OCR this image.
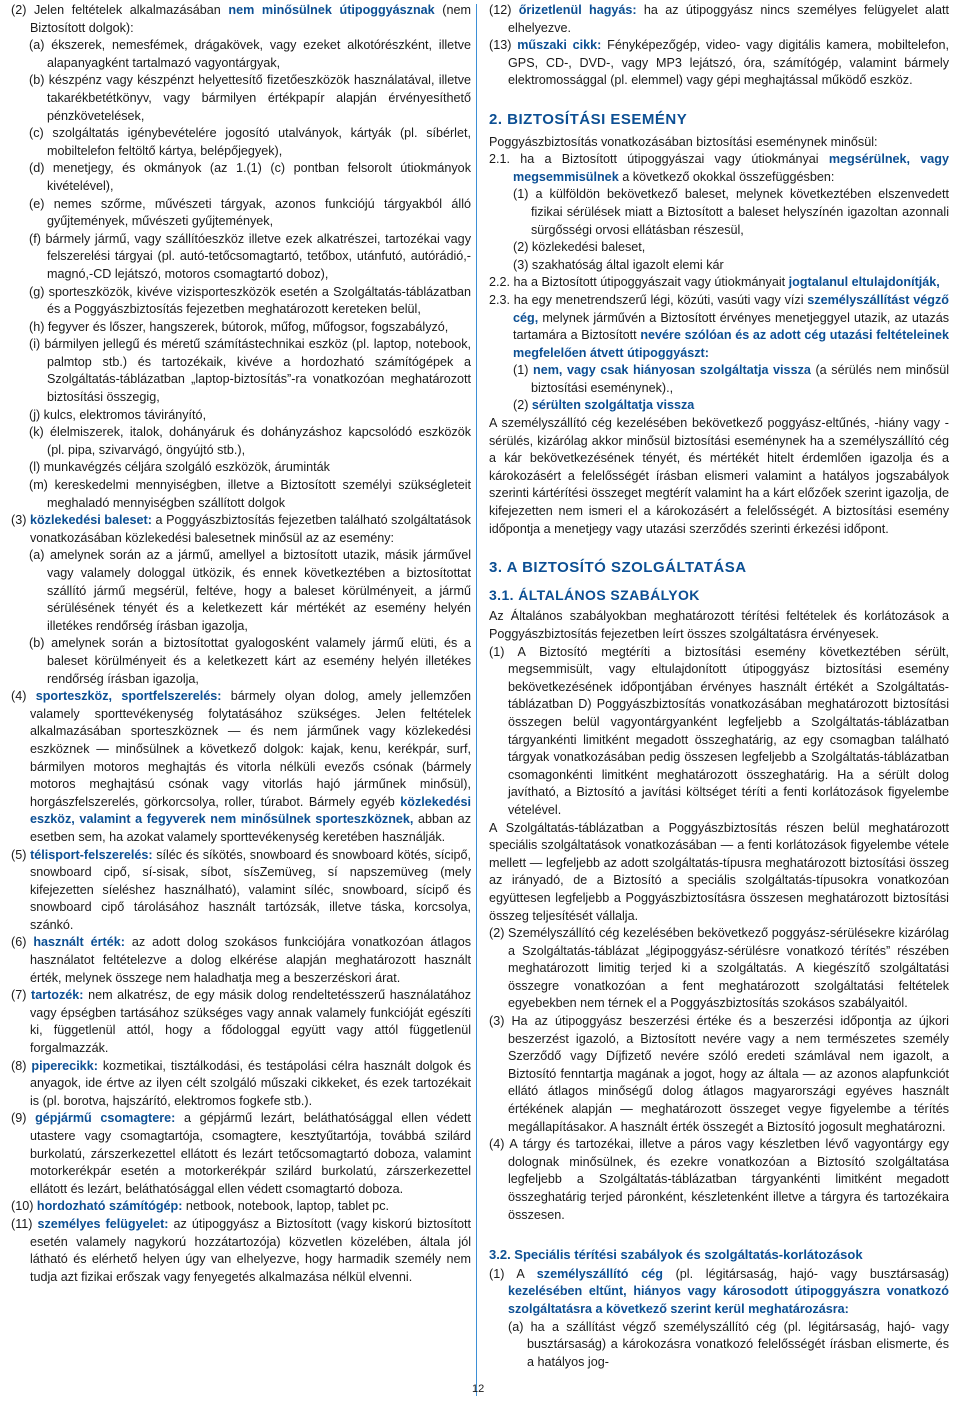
(2) Jelen feltételek alkalmazásában nem minősülnek útipoggyásznak (nem Biztosított dolgok):

(a) ékszerek, nemesfémek, drágakövek, vagy ezeket alkotórészként, illetve alapanyagként tartalmazó vagyontárgyak,

(b) készpénz vagy készpénzt helyettesítő fizetőeszközök használatával, illetve takarékbetétkönyv, vagy bármilyen értékpapír alapján érvényesíthető pénzkövetelések,

(c) szolgáltatás igénybevételére jogosító utalványok, kártyák (pl. síbérlet, mobiltelefon feltöltő kártya, belépőjegyek),

(d) menetjegy, és okmányok (az 1.(1) (c) pontban felsorolt útiokmányok kivételével),

(e) nemes szőrme, művészeti tárgyak, azonos funkciójú tárgyakból álló gyűjtemények, művészeti gyűjtemények,

(f) bármely jármű, vagy szállítóeszköz illetve ezek alkatrészei, tartozékai vagy felszerelési tárgyai (pl. autó-tetőcsomagtartó, tetőbox, utánfutó, autórádió,-magnó,-CD lejátszó, motoros csomagtartó doboz),

(g) sporteszközök, kivéve vizisporteszközök esetén a Szolgáltatás-táblázatban és a Poggyászbiztosítás fejezetben meghatározott kereteken belül,

(h) fegyver és lőszer, hangszerek, bútorok, műfog, műfogsor, fogszabályzó,

(i) bármilyen jellegű és méretű számítástechnikai eszköz (pl. laptop, notebook, palmtop stb.) és tartozékaik, kivéve a hordozható számítógépek a Szolgáltatás-táblázatban „laptop-biztosítás”-ra vonatkozóan meghatározott biztosítási összegig,

(j) kulcs, elektromos távirányító,

(k) élelmiszerek, italok, dohányáruk és dohányzáshoz kapcsolódó eszközök (pl. pipa, szivarvágó, öngyújtó stb.),

(l) munkavégzés céljára szolgáló eszközök, áruminták

(m) kereskedelmi mennyiségben, illetve a Biztosított személyi szükségleteit meghaladó mennyiségben szállított dolgok

(3) közlekedési baleset: a Poggyászbiztosítás fejezetben található szolgáltatások vonatkozásában közlekedési balesetnek minősül az az esemény:

(a) amelynek során az a jármű, amellyel a biztosított utazik, másik járművel vagy valamely dologgal ütközik, és ennek következtében a biztosítottat szállító jármű megsérül, feltéve, hogy a baleset körülményeit, a jármű sérülésének tényét és a keletkezett kár mértékét az esemény helyén illetékes rendőrség írásban igazolja,

(b) amelynek során a biztosítottat gyalogosként valamely jármű elüti, és a baleset körülményeit és a keletkezett kárt az esemény helyén illetékes rendőrség írásban igazolja,

(4) sporteszköz, sportfelszerelés: bármely olyan dolog, amely jellemzően valamely sporttevékenység folytatásához szükséges. Jelen feltételek alkalmazásában sporteszköznek — és nem járműnek vagy közlekedési eszköznek — minősülnek a következő dolgok: kajak, kenu, kerékpár, surf, bármilyen motoros meghajtás és vitorla nélküli evezős csónak (bármely motoros meghajtású csónak vagy vitorlás hajó járműnek minősül), horgászfelszerelés, görkorcsolya, roller, túrabot. Bármely egyéb közlekedési eszköz, valamint a fegyverek nem minősülnek sporteszköznek, abban az esetben sem, ha azokat valamely sporttevékenység keretében használják.

(5) télisport-felszerelés: síléc és síkötés, snowboard és snowboard kötés, sícipő, snowboard cipő, sí-sisak, síbot, sísZemüveg, sí napszemüveg (mely kifejezetten síeléshez használható), valamint síléc, snowboard, sícipő és snowboard cipő tárolásához használt tartózsák, illetve táska, korcsolya, szánkó.

(6) használt érték: az adott dolog szokásos funkciójára vonatkozóan átlagos használatot feltételezve a dolog elkérése alapján meghatározott használt érték, melynek összege nem haladhatja meg a beszerzéskori árat.

(7) tartozék: nem alkatrész, de egy másik dolog rendeltetésszerű használatához vagy épségben tartásához szükséges vagy annak valamely funkcióját egészíti ki, függetlenül attól, hogy a fődologgal együtt vagy attól függetlenül forgalmazzák.

(8) piperecikk: kozmetikai, tisztálkodási, és testápolási célra használt dolgok és anyagok, ide értve az ilyen célt szolgáló műszaki cikkeket, és ezek tartozékait is (pl. borotva, hajszárító, elektromos fogkefe stb.).

(9) gépjármű csomagtere: a gépjármű lezárt, beláthatósággal ellen védett utastere vagy csomagtartója, csomagtere, kesztyűtartója, továbbá szilárd burkolatú, zárszerkezettel ellátott és lezárt tetőcsomagtartó doboza, valamint motorkerékpár esetén a motorkerékpár szilárd burkolatú, zárszerkezettel ellátott és lezárt, beláthatósággal ellen védett csomagtartó doboza.

(10) hordozható számítógép: netbook, notebook, laptop, tablet pc.

(11) személyes felügyelet: az útipoggyász a Biztosított (vagy kiskorú biztosított esetén valamely nagykorú hozzátartozója) közvetlen közelében, általa jól látható és elérhető helyen úgy van elhelyezve, hogy harmadik személy nem tudja azt fizikai erőszak vagy fenyegetés alkalmazása nélkül elvenni.

(12) őrizetlenül hagyás: ha az útipoggyász nincs személyes felügyelet alatt elhelyezve.

(13) műszaki cikk: Fényképezőgép, video- vagy digitális kamera, mobiltelefon, GPS, CD-, DVD-, vagy MP3 lejátszó, óra, számítógép, valamint bármely elektromossággal (pl. elemmel) vagy gépi meghajtással működő eszköz.

2. BIZTOSÍTÁSI ESEMÉNY

Poggyászbiztosítás vonatkozásában biztosítási eseménynek minősül:

2.1. ha a Biztosított útipoggyászai vagy útiokmányai megsérülnek, vagy megsemmisülnek a következő okokkal összefüggésben:

(1) a külföldön bekövetkező baleset, melynek következtében elszenvedett fizikai sérülések miatt a Biztosított a baleset helyszínén igazoltan azonnali sürgősségi orvosi ellátásban részesül,

(2) közlekedési baleset,

(3) szakhatóság által igazolt elemi kár

2.2. ha a Biztosított útipoggyászait vagy útiokmányait jogtalanul eltulajdonítják,

2.3. ha egy menetrendszerű légi, közúti, vasúti vagy vízi személyszállítást végző cég, melynek járművén a Biztosított érvényes menetjeggyel utazik, az utazás tartamára a Biztosított nevére szólóan és az adott cég utazási feltételeinek megfelelően átvett útipoggyászt:

(1) nem, vagy csak hiányosan szolgáltatja vissza (a sérülés nem minősül biztosítási eseménynek).,

(2) sérülten szolgáltatja vissza

A személyszállító cég kezelésében bekövetkező poggyász-eltűnés, -hiány vagy -sérülés, kizárólag akkor minősül biztosítási eseménynek ha a személyszállító cég a kár bekövetkezésének tényét, és mértékét hitelt érdemlően igazolja és a károkozásért a felelősségét írásban elismeri valamint a hatályos jogszabályok szerinti kártérítési összeget megtérít valamint ha a kárt előzőek szerint igazolja, de kifejezetten nem ismeri el a károkozásért a felelősségét. A biztosítási esemény időpontja a menetjegy vagy utazási szerződés szerinti érkezési időpont.

3. A BIZTOSÍTÓ SZOLGÁLTATÁSA
3.1. ÁLTALÁNOS SZABÁLYOK

Az Általános szabályokban meghatározott térítési feltételek és korlátozások a Poggyászbiztosítás fejezetben leírt összes szolgáltatásra érvényesek.

(1) A Biztosító megtéríti a biztosítási esemény következtében sérült, megsemmisült, vagy eltulajdonított útipoggyász biztosítási esemény bekövetkezésének időpontjában érvényes használt értékét a Szolgáltatás-táblázatban D) Poggyászbiztosítás vonatkozásában meghatározott biztosítási összegen belül vagyontárgyanként legfeljebb a Szolgáltatás-táblázatban tárgyankénti limitként megadott összeghatárig, az egy csomagban található tárgyak vonatkozásában pedig összesen legfeljebb a Szolgáltatás-táblázatban csomagonkénti limitként meghatározott összeghatárig. Ha a sérült dolog javítható, a Biztosító a javítási költséget téríti a fenti korlátozások figyelembe vételével.

A Szolgáltatás-táblázatban a Poggyászbiztosítás részen belül meghatározott speciális szolgáltatások vonatkozásában — a fenti korlátozások figyelembe vétele mellett — legfeljebb az adott szolgáltatás-típusra meghatározott biztosítási összeg az irányadó, de a Biztosító a speciális szolgáltatás-típusokra vonatkozóan együttesen legfeljebb a Poggyászbiztosításra összesen meghatározott biztosítási összeg teljesítését vállalja.

(2) Személyszállító cég kezelésében bekövetkező poggyász-sérülésekre kizárólag a Szolgáltatás-táblázat „légipoggyász-sérülésre vonatkozó térítés” részében meghatározott limitig terjed ki a szolgáltatás. A kiegészítő szolgáltatási összegre vonatkozóan a fent meghatározott szolgáltatási feltételek egyebekben nem térnek el a Poggyászbiztosítás szokásos szabályaitól.

(3) Ha az útipoggyász beszerzési értéke és a beszerzési időpontja az újkori beszerzést igazoló, a Biztosított nevére vagy a nem természetes személy Szerződő vagy Díjfizető nevére szóló eredeti számlával nem igazolt, a Biztosító fenntartja magának a jogot, hogy az általa — az azonos alapfunkciót ellátó átlagos minőségű dolog átlagos magyarországi egyéves használt értékének alapján — meghatározott összeget vegye figyelembe a térítés megállapításakor. A használt érték összegét a Biztosító jogosult meghatározni.

(4) A tárgy és tartozékai, illetve a páros vagy készletben lévő vagyontárgy egy dolognak minősülnek, és ezekre vonatkozóan a Biztosító szolgáltatása legfeljebb a Szolgáltatás-táblázatban tárgyankénti limitként megadott összeghatárig terjed páronként, készletenként illetve a tárgyra és tartozékaira összesen.

3.2. Speciális térítési szabályok és szolgáltatás-korlátozások

(1) A személyszállító cég (pl. légitársaság, hajó- vagy busztársaság) kezelésében eltűnt, hiányos vagy károsodott útipoggyászra vonatkozó szolgáltatásra a következő szerint kerül meghatározásra:

(a) ha a szállítást végző személyszállító cég (pl. légitársaság, hajó- vagy busztársaság) a károkozásra vonatkozó felelősségét írásban elismerte, és a hatályos jog-

12
